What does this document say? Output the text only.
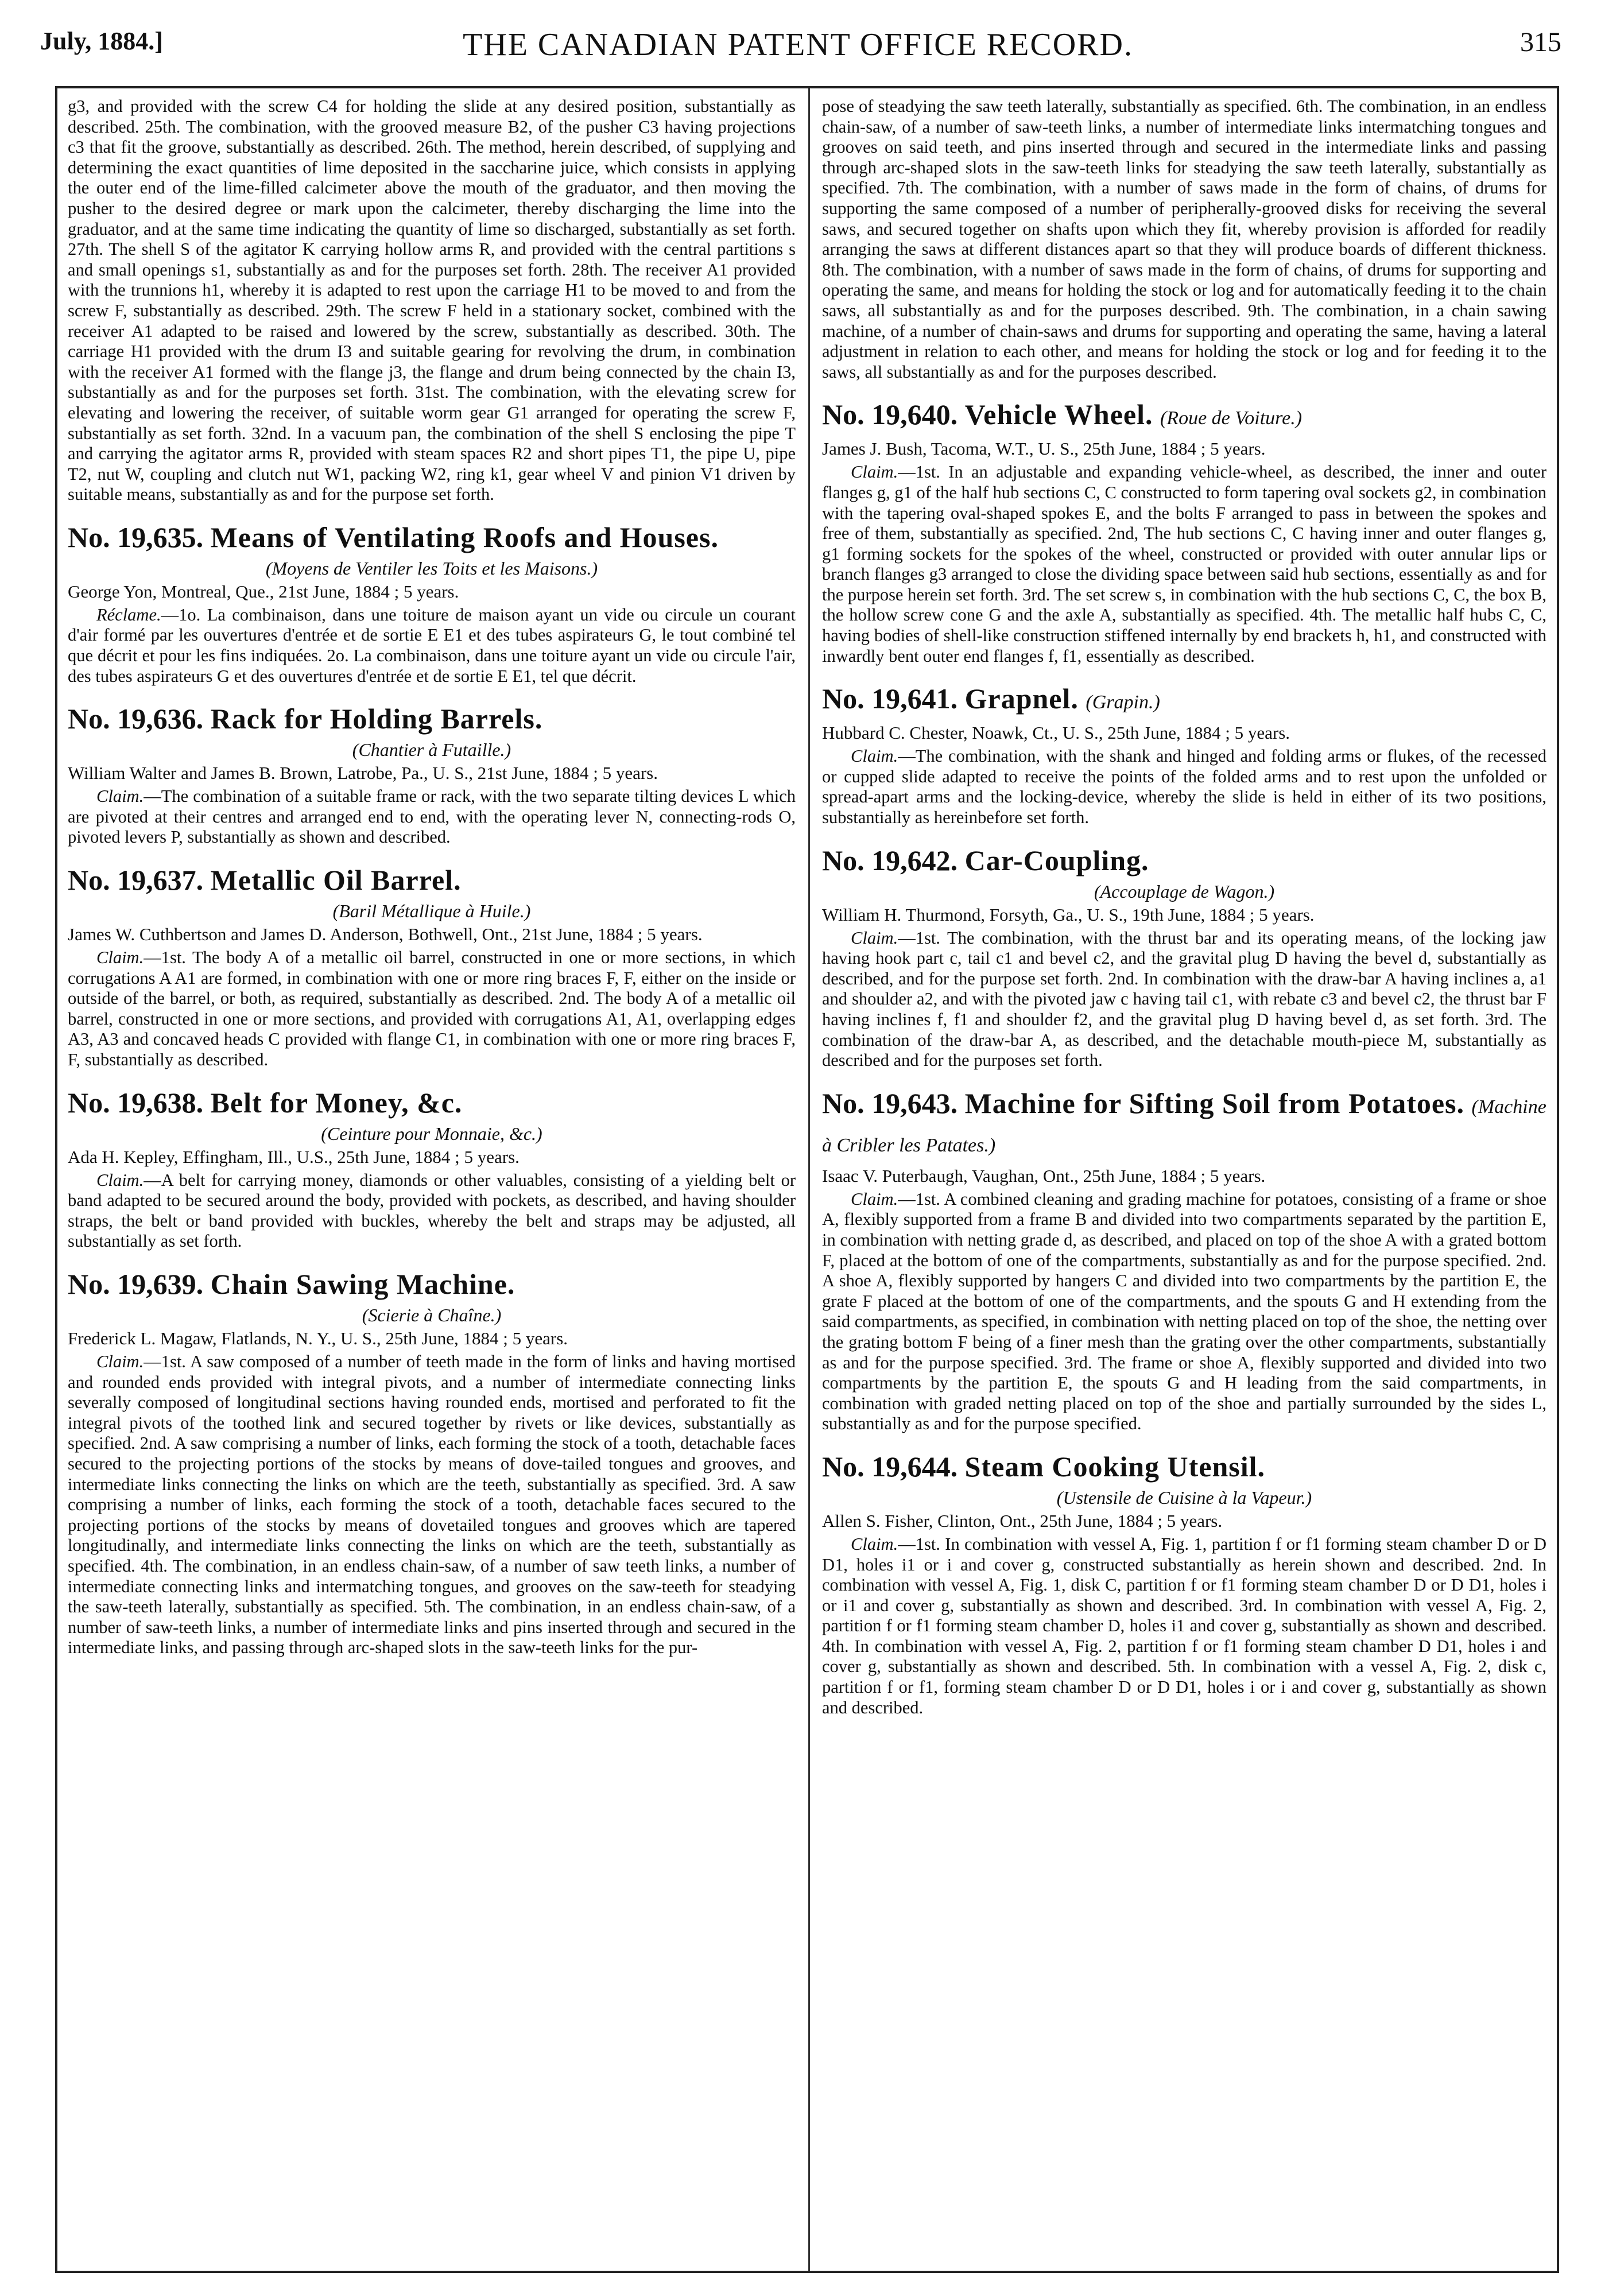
July, 1884.]	THE CANADIAN PATENT OFFICE RECORD.	315

g3, and provided with the screw C4 for holding the slide at any desired position, substantially as described. 25th. The combination, with the grooved measure B2, of the pusher C3 having projections c3 that fit the groove, substantially as described. 26th. The method, herein described, of supplying and determining the exact quantities of lime deposited in the saccharine juice, which consists in applying the outer end of the lime-filled calcimeter above the mouth of the graduator, and then moving the pusher to the desired degree or mark upon the calcimeter, thereby discharging the lime into the graduator, and at the same time indicating the quantity of lime so discharged, substantially as set forth. 27th. The shell S of the agitator K carrying hollow arms R, and provided with the central partitions s and small openings s1, substantially as and for the purposes set forth. 28th. The receiver A1 provided with the trunnions h1, whereby it is adapted to rest upon the carriage H1 to be moved to and from the screw F, substantially as described. 29th. The screw F held in a stationary socket, combined with the receiver A1 adapted to be raised and lowered by the screw, substantially as described. 30th. The carriage H1 provided with the drum I3 and suitable gearing for revolving the drum, in combination with the receiver A1 formed with the flange j3, the flange and drum being connected by the chain I3, substantially as and for the purposes set forth. 31st. The combination, with the elevating screw for elevating and lowering the receiver, of suitable worm gear G1 arranged for operating the screw F, substantially as set forth. 32nd. In a vacuum pan, the combination of the shell S enclosing the pipe T and carrying the agitator arms R, provided with steam spaces R2 and short pipes T1, the pipe U, pipe T2, nut W, coupling and clutch nut W1, packing W2, ring k1, gear wheel V and pinion V1 driven by suitable means, substantially as and for the purpose set forth.

No. 19,635. Means of Ventilating Roofs and Houses.

(Moyens de Ventiler les Toits et les Maisons.)

George Yon, Montreal, Que., 21st June, 1884 ; 5 years.

Réclame.—1o. La combinaison, dans une toiture de maison ayant un vide ou circule un courant d'air formé par les ouvertures d'entrée et de sortie E E1 et des tubes aspirateurs G, le tout combiné tel que décrit et pour les fins indiquées. 2o. La combinaison, dans une toiture ayant un vide ou circule l'air, des tubes aspirateurs G et des ouvertures d'entrée et de sortie E E1, tel que décrit.

No. 19,636. Rack for Holding Barrels.

(Chantier à Futaille.)

William Walter and James B. Brown, Latrobe, Pa., U. S., 21st June, 1884 ; 5 years.

Claim.—The combination of a suitable frame or rack, with the two separate tilting devices L which are pivoted at their centres and arranged end to end, with the operating lever N, connecting-rods O, pivoted levers P, substantially as shown and described.

No. 19,637. Metallic Oil Barrel.

(Baril Métallique à Huile.)

James W. Cuthbertson and James D. Anderson, Bothwell, Ont., 21st June, 1884 ; 5 years.

Claim.—1st. The body A of a metallic oil barrel, constructed in one or more sections, in which corrugations A A1 are formed, in combination with one or more ring braces F, F, either on the inside or outside of the barrel, or both, as required, substantially as described. 2nd. The body A of a metallic oil barrel, constructed in one or more sections, and provided with corrugations A1, A1, overlapping edges A3, A3 and concaved heads C provided with flange C1, in combination with one or more ring braces F, F, substantially as described.

No. 19,638. Belt for Money, &c.

(Ceinture pour Monnaie, &c.)

Ada H. Kepley, Effingham, Ill., U.S., 25th June, 1884 ; 5 years.

Claim.—A belt for carrying money, diamonds or other valuables, consisting of a yielding belt or band adapted to be secured around the body, provided with pockets, as described, and having shoulder straps, the belt or band provided with buckles, whereby the belt and straps may be adjusted, all substantially as set forth.

No. 19,639. Chain Sawing Machine.

(Scierie à Chaîne.)

Frederick L. Magaw, Flatlands, N. Y., U. S., 25th June, 1884 ; 5 years.

Claim.—1st. A saw composed of a number of teeth made in the form of links and having mortised and rounded ends provided with integral pivots, and a number of intermediate connecting links severally composed of longitudinal sections having rounded ends, mortised and perforated to fit the integral pivots of the toothed link and secured together by rivets or like devices, substantially as specified. 2nd. A saw comprising a number of links, each forming the stock of a tooth, detachable faces secured to the projecting portions of the stocks by means of dove-tailed tongues and grooves, and intermediate links connecting the links on which are the teeth, substantially as specified. 3rd. A saw comprising a number of links, each forming the stock of a tooth, detachable faces secured to the projecting portions of the stocks by means of dovetailed tongues and grooves which are tapered longitudinally, and intermediate links connecting the links on which are the teeth, substantially as specified. 4th. The combination, in an endless chain-saw, of a number of saw teeth links, a number of intermediate connecting links and intermatching tongues, and grooves on the saw-teeth for steadying the saw-teeth laterally, substantially as specified. 5th. The combination, in an endless chain-saw, of a number of saw-teeth links, a number of intermediate links and pins inserted through and secured in the intermediate links, and passing through arc-shaped slots in the saw-teeth links for the pur-

pose of steadying the saw teeth laterally, substantially as specified. 6th. The combination, in an endless chain-saw, of a number of saw-teeth links, a number of intermediate links intermatching tongues and grooves on said teeth, and pins inserted through and secured in the intermediate links and passing through arc-shaped slots in the saw-teeth links for steadying the saw teeth laterally, substantially as specified. 7th. The combination, with a number of saws made in the form of chains, of drums for supporting the same composed of a number of peripherally-grooved disks for receiving the several saws, and secured together on shafts upon which they fit, whereby provision is afforded for readily arranging the saws at different distances apart so that they will produce boards of different thickness. 8th. The combination, with a number of saws made in the form of chains, of drums for supporting and operating the same, and means for holding the stock or log and for automatically feeding it to the chain saws, all substantially as and for the purposes described. 9th. The combination, in a chain sawing machine, of a number of chain-saws and drums for supporting and operating the same, having a lateral adjustment in relation to each other, and means for holding the stock or log and for feeding it to the saws, all substantially as and for the purposes described.

No. 19,640. Vehicle Wheel. (Roue de Voiture.)

James J. Bush, Tacoma, W.T., U. S., 25th June, 1884 ; 5 years.

Claim.—1st. In an adjustable and expanding vehicle-wheel, as described, the inner and outer flanges g, g1 of the half hub sections C, C constructed to form tapering oval sockets g2, in combination with the tapering oval-shaped spokes E, and the bolts F arranged to pass in between the spokes and free of them, substantially as specified. 2nd, The hub sections C, C having inner and outer flanges g, g1 forming sockets for the spokes of the wheel, constructed or provided with outer annular lips or branch flanges g3 arranged to close the dividing space between said hub sections, essentially as and for the purpose herein set forth. 3rd. The set screw s, in combination with the hub sections C, C, the box B, the hollow screw cone G and the axle A, substantially as specified. 4th. The metallic half hubs C, C, having bodies of shell-like construction stiffened internally by end brackets h, h1, and constructed with inwardly bent outer end flanges f, f1, essentially as described.

No. 19,641. Grapnel. (Grapin.)

Hubbard C. Chester, Noawk, Ct., U. S., 25th June, 1884 ; 5 years.

Claim.—The combination, with the shank and hinged and folding arms or flukes, of the recessed or cupped slide adapted to receive the points of the folded arms and to rest upon the unfolded or spread-apart arms and the locking-device, whereby the slide is held in either of its two positions, substantially as hereinbefore set forth.

No. 19,642. Car-Coupling.

(Accouplage de Wagon.)

William H. Thurmond, Forsyth, Ga., U. S., 19th June, 1884 ; 5 years.

Claim.—1st. The combination, with the thrust bar and its operating means, of the locking jaw having hook part c, tail c1 and bevel c2, and the gravital plug D having the bevel d, substantially as described, and for the purpose set forth. 2nd. In combination with the draw-bar A having inclines a, a1 and shoulder a2, and with the pivoted jaw c having tail c1, with rebate c3 and bevel c2, the thrust bar F having inclines f, f1 and shoulder f2, and the gravital plug D having bevel d, as set forth. 3rd. The combination of the draw-bar A, as described, and the detachable mouth-piece M, substantially as described and for the purposes set forth.

No. 19,643. Machine for Sifting Soil from Potatoes. (Machine à Cribler les Patates.)

Isaac V. Puterbaugh, Vaughan, Ont., 25th June, 1884 ; 5 years.

Claim.—1st. A combined cleaning and grading machine for potatoes, consisting of a frame or shoe A, flexibly supported from a frame B and divided into two compartments separated by the partition E, in combination with netting grade d, as described, and placed on top of the shoe A with a grated bottom F, placed at the bottom of one of the compartments, substantially as and for the purpose specified. 2nd. A shoe A, flexibly supported by hangers C and divided into two compartments by the partition E, the grate F placed at the bottom of one of the compartments, and the spouts G and H extending from the said compartments, as specified, in combination with netting placed on top of the shoe, the netting over the grating bottom F being of a finer mesh than the grating over the other compartments, substantially as and for the purpose specified. 3rd. The frame or shoe A, flexibly supported and divided into two compartments by the partition E, the spouts G and H leading from the said compartments, in combination with graded netting placed on top of the shoe and partially surrounded by the sides L, substantially as and for the purpose specified.

No. 19,644. Steam Cooking Utensil.

(Ustensile de Cuisine à la Vapeur.)

Allen S. Fisher, Clinton, Ont., 25th June, 1884 ; 5 years.

Claim.—1st. In combination with vessel A, Fig. 1, partition f or f1 forming steam chamber D or D D1, holes i1 or i and cover g, constructed substantially as herein shown and described. 2nd. In combination with vessel A, Fig. 1, disk C, partition f or f1 forming steam chamber D or D D1, holes i or i1 and cover g, substantially as shown and described. 3rd. In combination with vessel A, Fig. 2, partition f or f1 forming steam chamber D, holes i1 and cover g, substantially as shown and described. 4th. In combination with vessel A, Fig. 2, partition f or f1 forming steam chamber D D1, holes i and cover g, substantially as shown and described. 5th. In combination with a vessel A, Fig. 2, disk c, partition f or f1, forming steam chamber D or D D1, holes i or i and cover g, substantially as shown and described.
